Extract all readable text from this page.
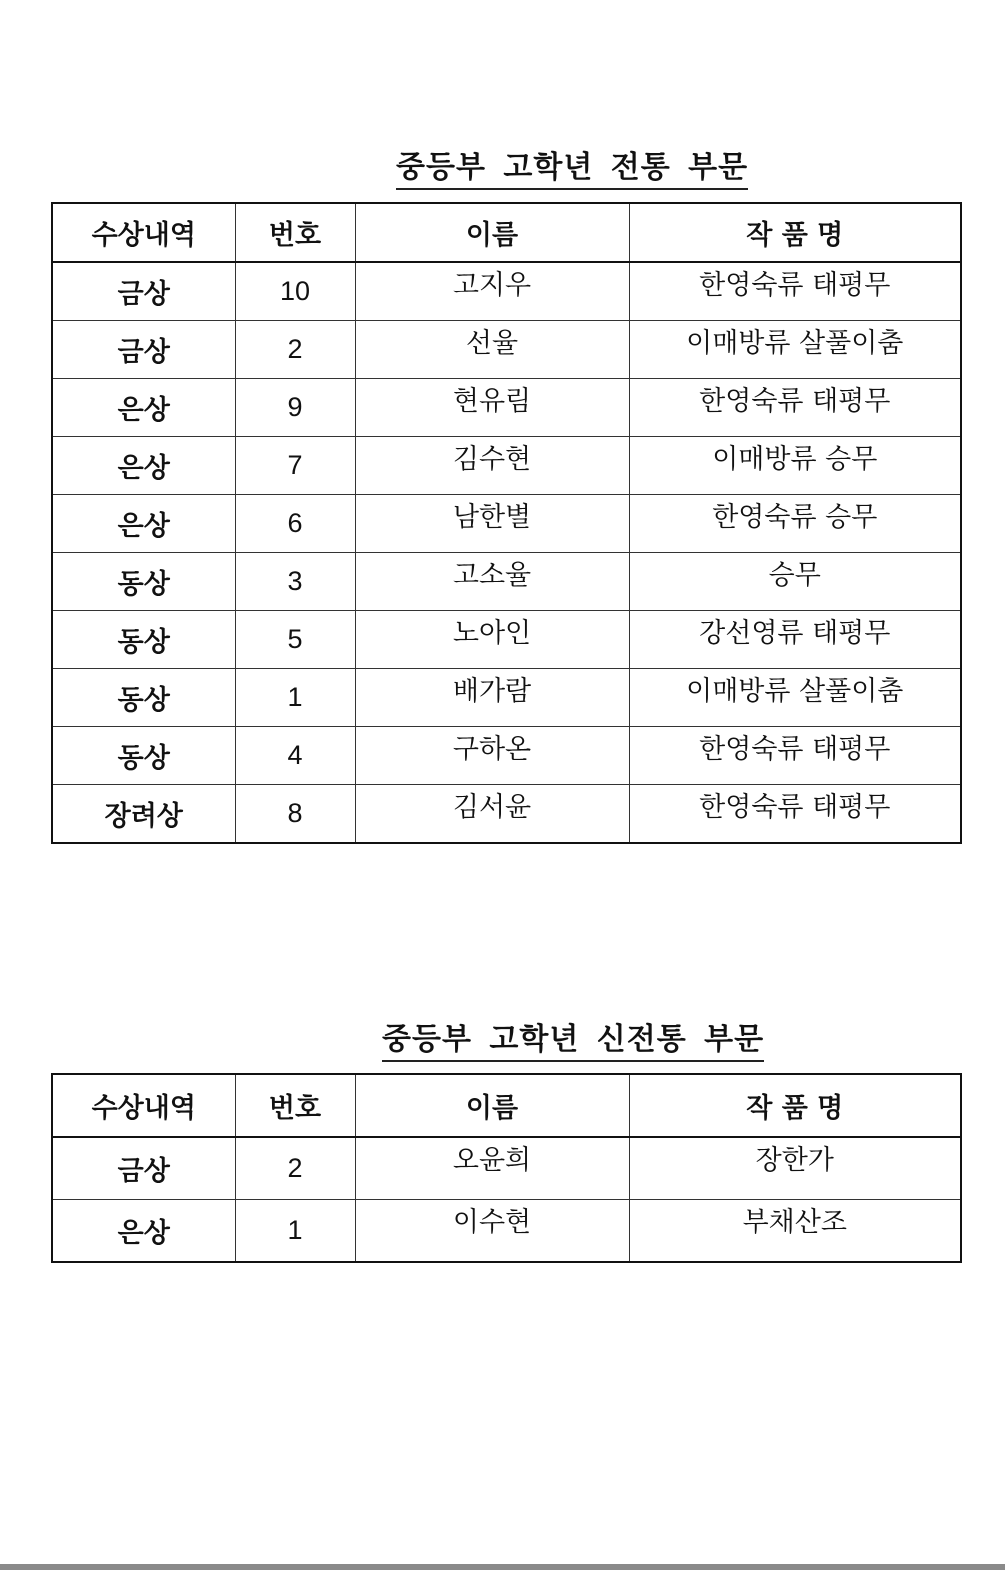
중등부 고학년 전통 부문
수상내역	번호	이름	작 품 명
금상	10	고지우	한영숙류 태평무
금상	2	선율	이매방류 살풀이춤
은상	9	현유림	한영숙류 태평무
은상	7	김수현	이매방류 승무
은상	6	남한별	한영숙류 승무
동상	3	고소율	승무
동상	5	노아인	강선영류 태평무
동상	1	배가람	이매방류 살풀이춤
동상	4	구하온	한영숙류 태평무
장려상	8	김서윤	한영숙류 태평무
중등부 고학년 신전통 부문
수상내역	번호	이름	작 품 명
금상	2	오윤희	장한가
은상	1	이수현	부채산조
